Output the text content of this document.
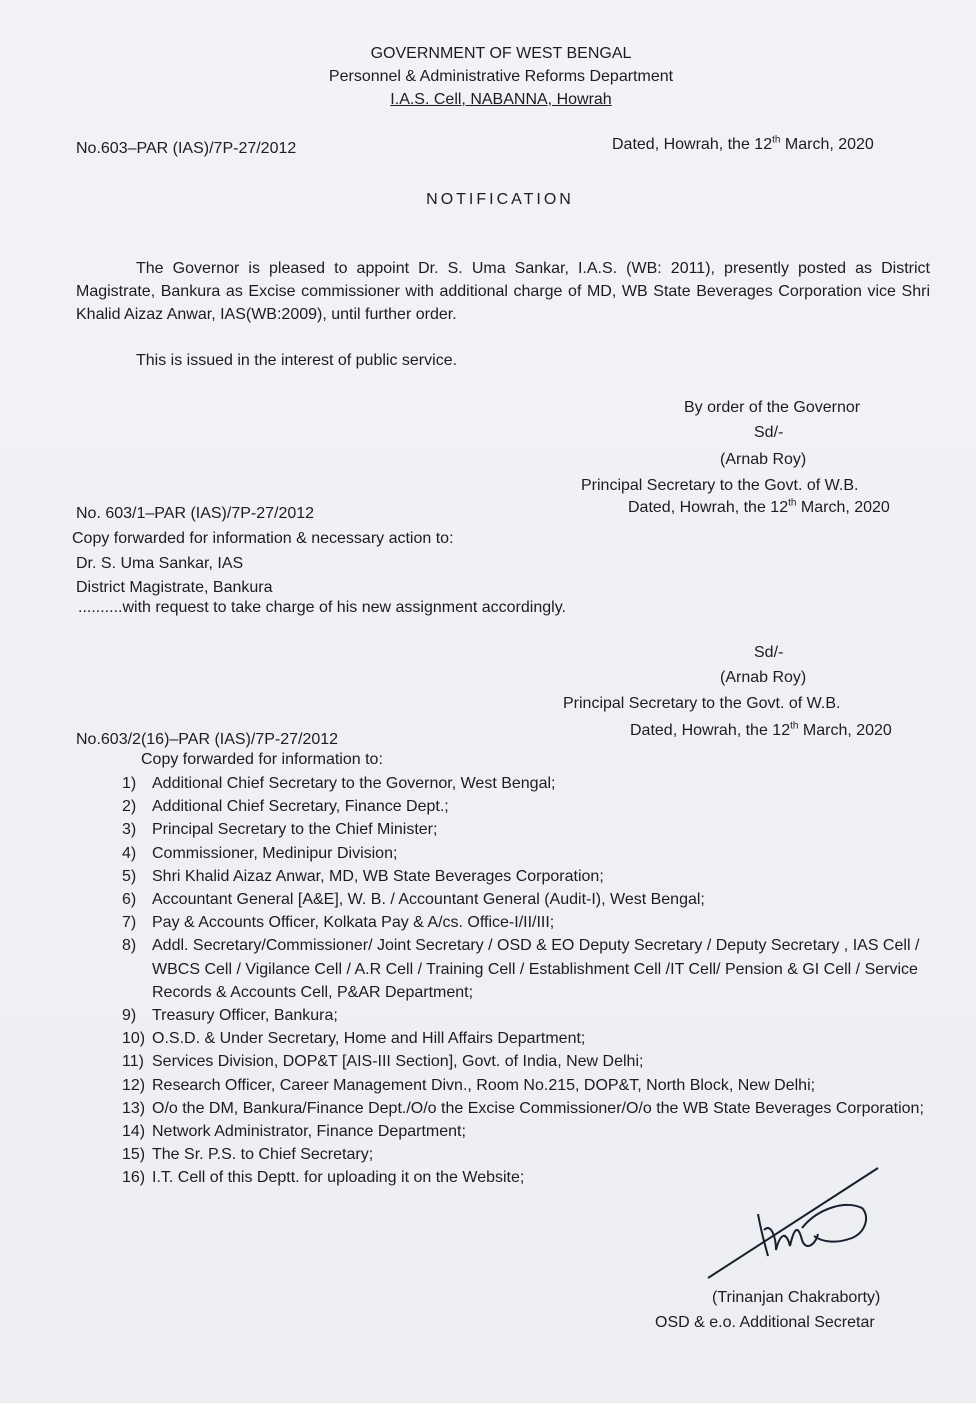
GOVERNMENT OF WEST BENGAL
Personnel & Administrative Reforms Department
I.A.S. Cell, NABANNA, Howrah
No.603–PAR (IAS)/7P-27/2012	Dated, Howrah, the 12th March, 2020
NOTIFICATION
The Governor is pleased to appoint Dr. S. Uma Sankar, I.A.S. (WB: 2011), presently posted as District Magistrate, Bankura as Excise commissioner with additional charge of MD, WB State Beverages Corporation vice Shri Khalid Aizaz Anwar, IAS(WB:2009), until further order.
This is issued in the interest of public service.
By order of the Governor
Sd/-
(Arnab Roy)
Principal Secretary to the Govt. of W.B.
No. 603/1–PAR (IAS)/7P-27/2012	Dated, Howrah, the 12th March, 2020
Copy forwarded for information & necessary action to:
Dr. S. Uma Sankar, IAS
District Magistrate, Bankura
..........with request to take charge of his new assignment accordingly.
Sd/-
(Arnab Roy)
Principal Secretary to the Govt. of W.B.
No.603/2(16)–PAR (IAS)/7P-27/2012
Dated, Howrah, the 12th March, 2020
Copy forwarded for information to:
1) Additional Chief Secretary to the Governor, West Bengal;
2) Additional Chief Secretary, Finance Dept.;
3) Principal Secretary to the Chief Minister;
4) Commissioner, Medinipur Division;
5) Shri Khalid Aizaz Anwar, MD, WB State Beverages Corporation;
6) Accountant General [A&E], W. B. / Accountant General (Audit-I), West Bengal;
7) Pay & Accounts Officer, Kolkata Pay & A/cs. Office-I/II/III;
8) Addl. Secretary/Commissioner/ Joint Secretary / OSD & EO Deputy Secretary / Deputy Secretary , IAS Cell / WBCS Cell / Vigilance Cell / A.R Cell / Training Cell / Establishment Cell /IT Cell/ Pension & GI Cell / Service Records & Accounts Cell, P&AR Department;
9) Treasury Officer, Bankura;
10) O.S.D. & Under Secretary, Home and Hill Affairs Department;
11) Services Division, DOP&T [AIS-III Section], Govt. of India, New Delhi;
12) Research Officer, Career Management Divn., Room No.215, DOP&T, North Block, New Delhi;
13) O/o the DM, Bankura/Finance Dept./O/o the Excise Commissioner/O/o the WB State Beverages Corporation;
14) Network Administrator, Finance Department;
15) The Sr. P.S. to Chief Secretary;
16) I.T. Cell of this Deptt. for uploading it on the Website;
(Trinanjan Chakraborty)
OSD & e.o. Additional Secretar
